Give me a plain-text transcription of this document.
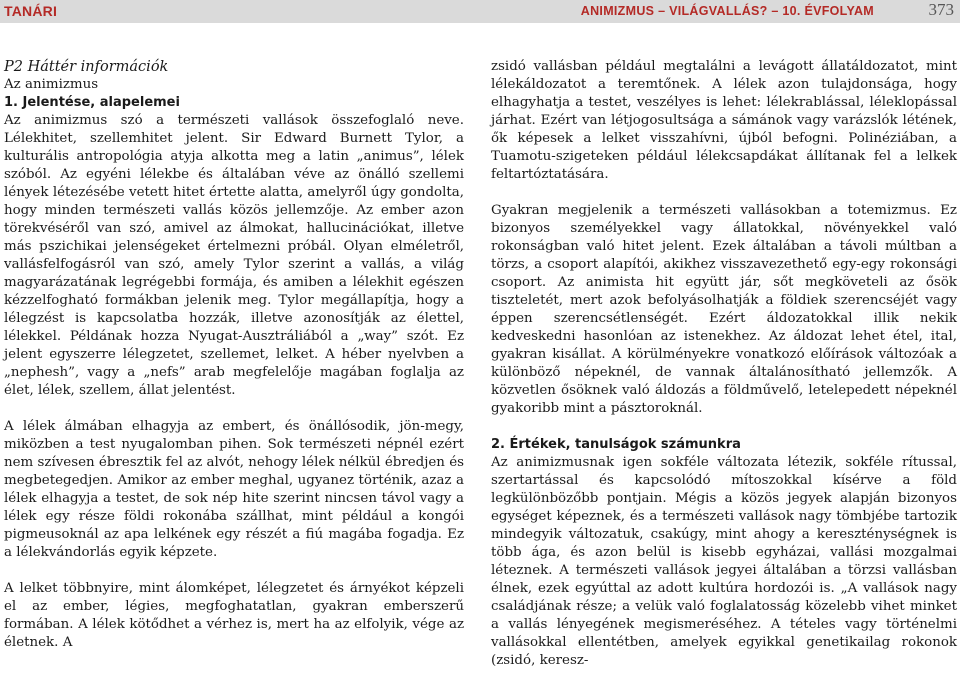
TANÁRI	ANIMIZMUS – VILÁGVALLÁS? – 10. ÉVFOLYAM	373

P2 Háttér információk

Az animizmus

1. Jelentése, alapelemei

Az animizmus szó a természeti vallások összefoglaló neve. Lélekhitet, szellemhitet jelent. Sir Edward Burnett Tylor, a kulturális antropológia atyja alkotta meg a latin „animus”, lélek szóból. Az egyéni lélekbe és általában véve az önálló szellemi lények létezésébe vetett hitet értette alatta, amelyről úgy gondolta, hogy minden természeti vallás közös jellemzője. Az ember azon törekvéséről van szó, amivel az álmokat, hallucinációkat, illetve más pszichikai jelenségeket értelmezni próbál. Olyan elméletről, vallásfelfogásról van szó, amely Tylor szerint a vallás, a világ magyarázatának legrégebbi formája, és amiben a lélekhit egészen kézzelfogható formákban jelenik meg. Tylor megállapítja, hogy a lélegzést is kapcsolatba hozzák, illetve azonosítják az élettel, lélekkel. Példának hozza Nyugat-Ausztráliából a „way” szót. Ez jelent egyszerre lélegzetet, szellemet, lelket. A héber nyelvben a „nephesh”, vagy a „nefs” arab megfelelője magában foglalja az élet, lélek, szellem, állat jelentést.

A lélek álmában elhagyja az embert, és önállósodik, jön-megy, miközben a test nyugalomban pihen. Sok természeti népnél ezért nem szívesen ébresztik fel az alvót, nehogy lélek nélkül ébredjen és megbetegedjen. Amikor az ember meghal, ugyanez történik, azaz a lélek elhagyja a testet, de sok nép hite szerint nincsen távol vagy a lélek egy része földi rokonába szállhat, mint például a kongói pigmeusoknál az apa lelkének egy részét a fiú magába fogadja. Ez a lélekvándorlás egyik képzete.

A lelket többnyire, mint álomképet, lélegzetet és árnyékot képzeli el az ember, légies, megfoghatatlan, gyakran emberszerű formában. A lélek kötődhet a vérhez is, mert ha az elfolyik, vége az életnek. A

zsidó vallásban például megtalálni a levágott állatáldozatot, mint lélekáldozatot a teremtőnek. A lélek azon tulajdonsága, hogy elhagyhatja a testet, veszélyes is lehet: lélekrablással, léleklopással járhat. Ezért van létjogosultsága a sámánok vagy varázslók létének, ők képesek a lelket visszahívni, újból befogni. Polinéziában, a Tuamotu-szigeteken például lélekcsapdákat állítanak fel a lelkek feltartóztatására.

Gyakran megjelenik a természeti vallásokban a totemizmus. Ez bizonyos személyekkel vagy állatokkal, növényekkel való rokonságban való hitet jelent. Ezek általában a távoli múltban a törzs, a csoport alapítói, akikhez visszavezethető egy-egy rokonsági csoport. Az animista hit együtt jár, sőt megköveteli az ősök tiszteletét, mert azok befolyásolhatják a földiek szerencséjét vagy éppen szerencsétlenségét. Ezért áldozatokkal illik nekik kedveskedni hasonlóan az istenekhez. Az áldozat lehet étel, ital, gyakran kisállat. A körülményekre vonatkozó előírások változóak a különböző népeknél, de vannak általánosítható jellemzők. A közvetlen ősöknek való áldozás a földművelő, letelepedett népeknél gyakoribb mint a pásztoroknál.

2. Értékek, tanulságok számunkra

Az animizmusnak igen sokféle változata létezik, sokféle rítussal, szertartással és kapcsolódó mítoszokkal kísérve a föld legkülönbözőbb pontjain. Mégis a közös jegyek alapján bizonyos egységet képeznek, és a természeti vallások nagy tömbjébe tartozik mindegyik változatuk, csakúgy, mint ahogy a kereszténységnek is több ága, és azon belül is kisebb egyházai, vallási mozgalmai léteznek. A természeti vallások jegyei általában a törzsi vallásban élnek, ezek egyúttal az adott kultúra hordozói is. „A vallások nagy családjának része; a velük való foglalatosság közelebb vihet minket a vallás lényegének megismeréséhez. A tételes vagy történelmi vallásokkal ellentétben, amelyek egyikkal genetikailag rokonok (zsidó, keresz-
